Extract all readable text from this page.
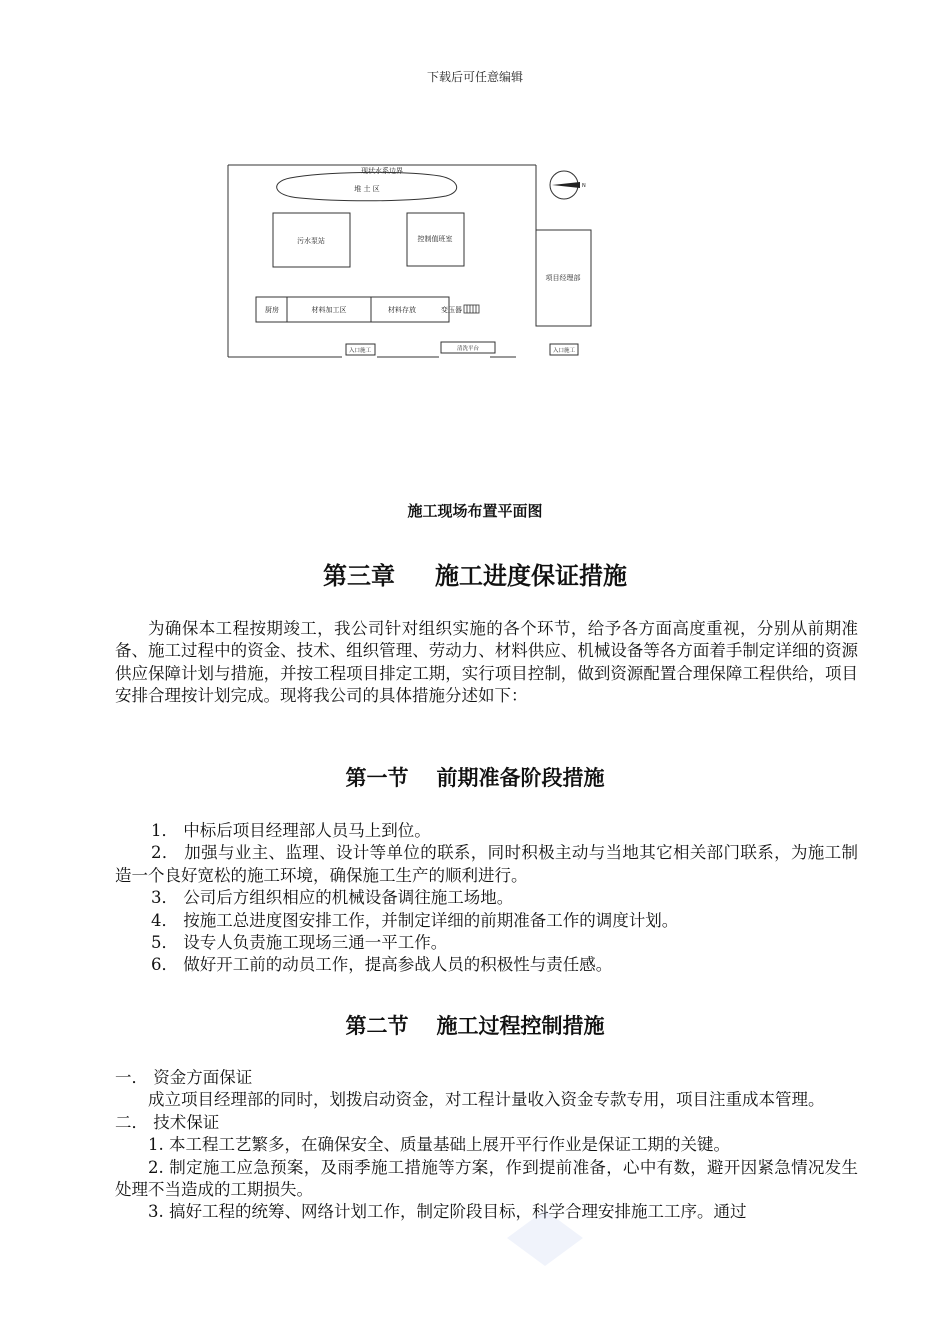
下载后可任意编辑
现状水系边界
堆 土 区	N
污水泵站	控制值班室
项目经理部
厨房	材料加工区	材料存放	变压器
入口施工	清洗平台	入口施工
施工现场布置平面图
第三章 施工进度保证措施

为确保本工程按期竣工，我公司针对组织实施的各个环节，给予各方面高度重视，分别从前期准备、施工过程中的资金、技术、组织管理、劳动力、材料供应、机械设备等各方面着手制定详细的资源供应保障计划与措施，并按工程项目排定工期，实行项目控制，做到资源配置合理保障工程供给，项目安排合理按计划完成。现将我公司的具体措施分述如下：

第一节 前期准备阶段措施
1． 中标后项目经理部人员马上到位。
2． 加强与业主、监理、设计等单位的联系，同时积极主动与当地其它相关部门联系，为施工制造一个良好宽松的施工环境，确保施工生产的顺利进行。
3． 公司后方组织相应的机械设备调往施工场地。
4． 按施工总进度图安排工作，并制定详细的前期准备工作的调度计划。
5． 设专人负责施工现场三通一平工作。
6． 做好开工前的动员工作，提高参战人员的积极性与责任感。
第二节 施工过程控制措施
一． 资金方面保证
成立项目经理部的同时，划拨启动资金，对工程计量收入资金专款专用，项目注重成本管理。
二． 技术保证
1. 本工程工艺繁多，在确保安全、质量基础上展开平行作业是保证工期的关键。
2. 制定施工应急预案，及雨季施工措施等方案，作到提前准备，心中有数，避开因紧急情况发生处理不当造成的工期损失。
3. 搞好工程的统筹、网络计划工作，制定阶段目标，科学合理安排施工工序。通过
